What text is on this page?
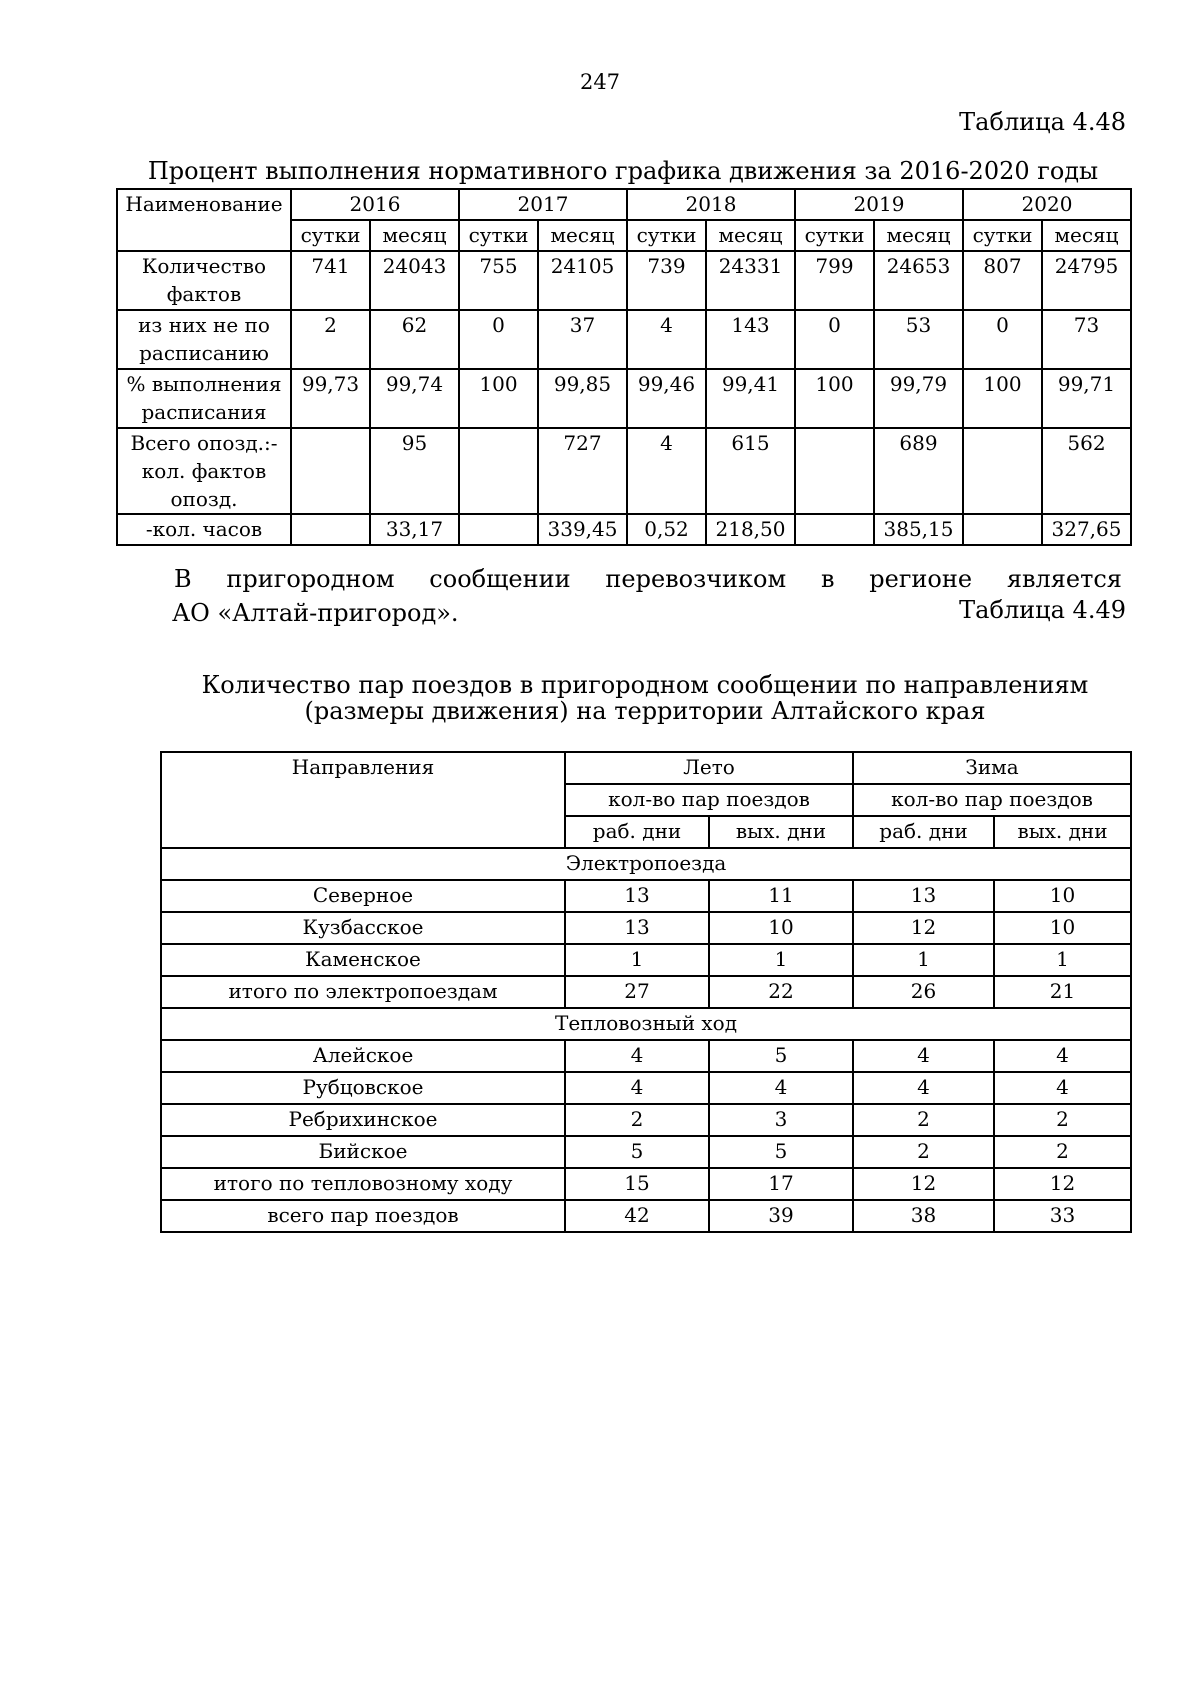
247
Таблица 4.48
Процент выполнения нормативного графика движения за 2016-2020 годы
Наименование	2016		2017		2018		2019		2020	
	сутки	месяц	сутки	месяц	сутки	месяц	сутки	месяц	сутки	месяц
Количество фактов	741	24043	755	24105	739	24331	799	24653	807	24795
из них не по расписанию	2	62	0	37	4	143	0	53	0	73
% выполнения расписания	99,73	99,74	100	99,85	99,46	99,41	100	99,79	100	99,71
Всего опозд.:- кол. фактов опозд.		95		727	4	615		689		562
-кол. часов		33,17		339,45	0,52	218,50		385,15		327,65
Таблица 4.49
В пригородном сообщении перевозчиком в регионе является
АО «Алтай-пригород».
Количество пар поездов в пригородном сообщении по направлениям
(размеры движения) на территории Алтайского края
Направления	Лето		Зима	
	кол-во пар поездов		кол-во пар поездов	
	раб. дни	вых. дни	раб. дни	вых. дни
Электропоезда				
Северное	13	11	13	10
Кузбасское	13	10	12	10
Каменское	1	1	1	1
итого по электропоездам	27	22	26	21
Тепловозный ход				
Алейское	4	5	4	4
Рубцовское	4	4	4	4
Ребрихинское	2	3	2	2
Бийское	5	5	2	2
итого по тепловозному ходу	15	17	12	12
всего пар поездов	42	39	38	33
